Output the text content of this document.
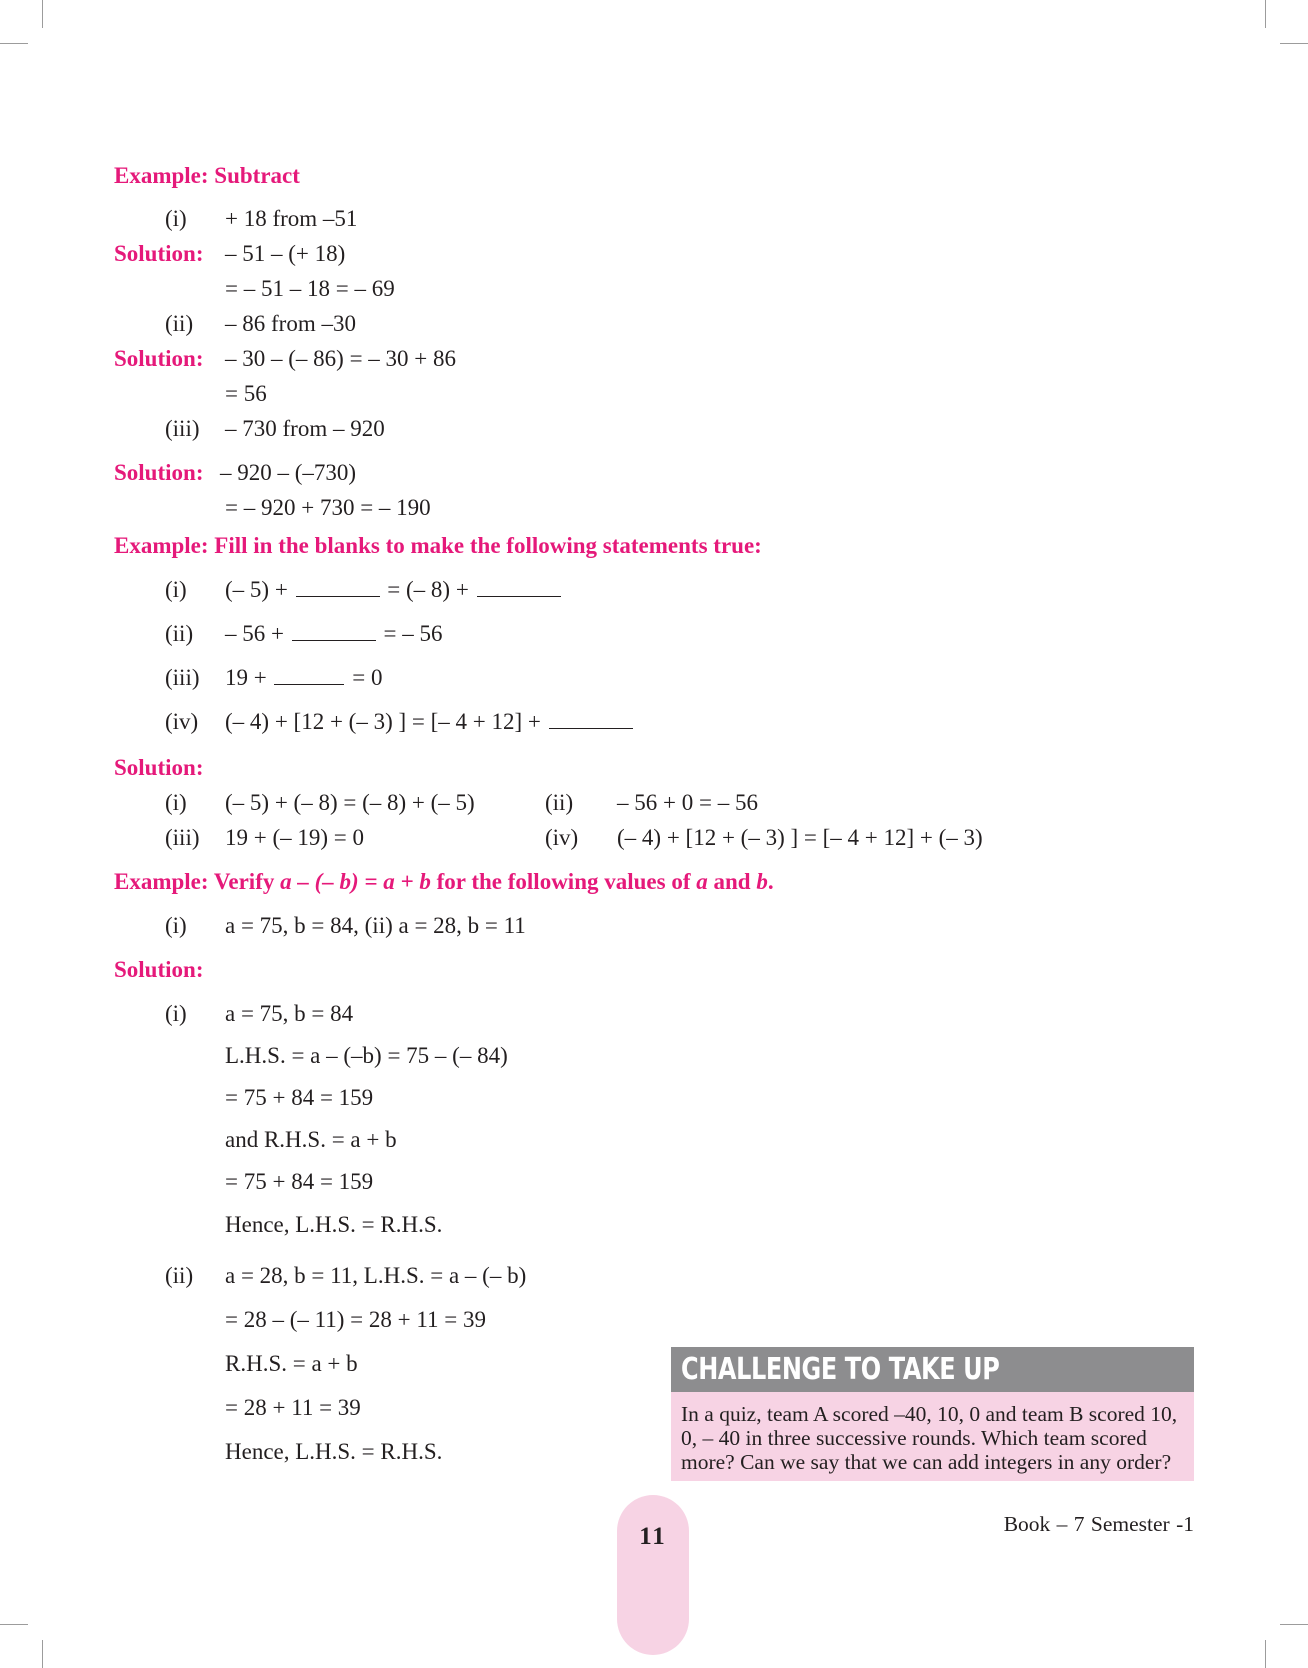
Example: Subtract
(i) + 18 from –51
Solution: – 51 – (+ 18)
= – 51 – 18 = – 69
(ii) – 86 from –30
Solution: – 30 – (– 86) = – 30 + 86
= 56
(iii) – 730 from – 920
Solution: – 920 – (–730)
= – 920 + 730 = – 190
Example: Fill in the blanks to make the following statements true:
(i) (– 5) +	= (– 8) +
(ii) – 56 +	= – 56
(iii) 19 +	= 0
(iv) (– 4) + [12 + (– 3) ] = [– 4 + 12] +
Solution:
(i) (– 5) + (– 8) = (– 8) + (– 5)	(ii) – 56 + 0 = – 56
(iii) 19 + (– 19) = 0	(iv) (– 4) + [12 + (– 3) ] = [– 4 + 12] + (– 3)
Example: Verify a – (– b) = a + b for the following values of a and b.
(i) a = 75, b = 84, (ii) a = 28, b = 11
Solution:
(i) a = 75, b = 84
L.H.S. = a – (–b) = 75 – (– 84)
= 75 + 84 = 159
and R.H.S. = a + b
= 75 + 84 = 159
Hence, L.H.S. = R.H.S.
(ii) a = 28, b = 11, L.H.S. = a – (– b)
= 28 – (– 11) = 28 + 11 = 39
R.H.S. = a + b
= 28 + 11 = 39
Hence, L.H.S. = R.H.S.
CHALLENGE TO TAKE UP
In a quiz, team A scored –40, 10, 0 and team B scored 10, 0, – 40 in three successive rounds. Which team scored more? Can we say that we can add integers in any order?
11	Book – 7 Semester -1
